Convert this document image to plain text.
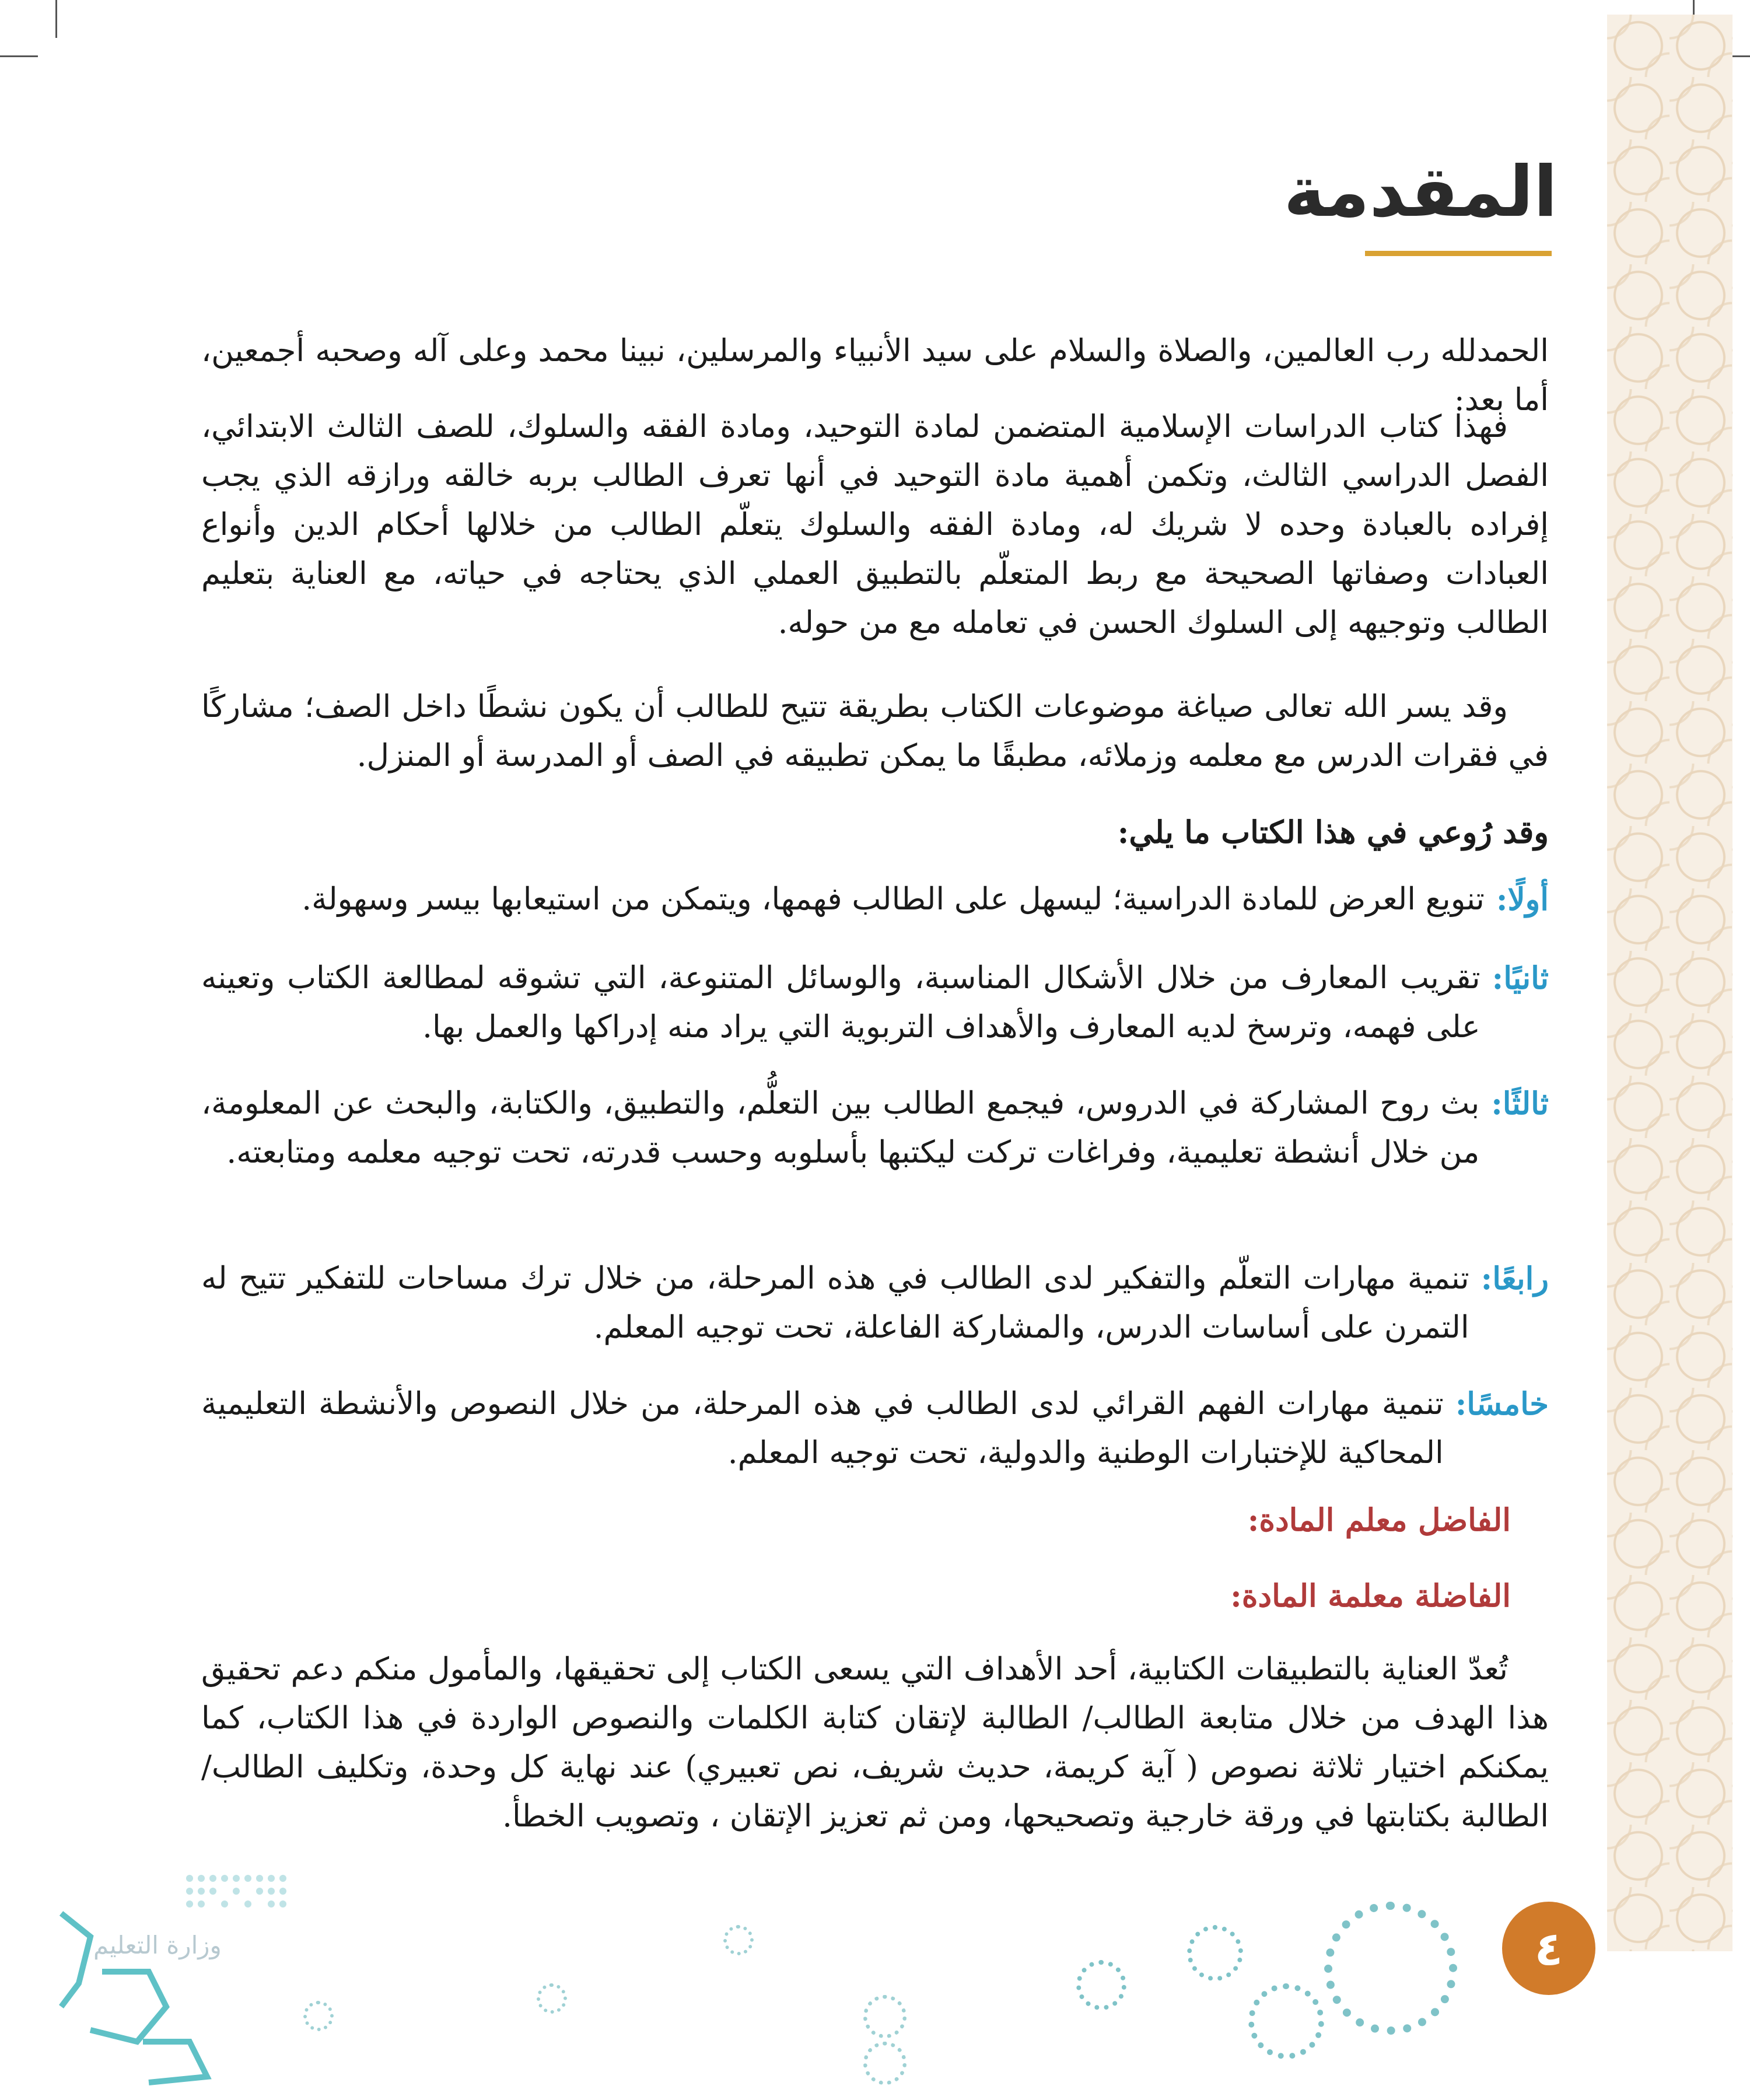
المقدمة

الحمدلله رب العالمين، والصلاة والسلام على سيد الأنبياء والمرسلين، نبينا محمد وعلى آله وصحبه أجمعين، أما بعد:

فهذا كتاب الدراسات الإسلامية المتضمن لمادة التوحيد، ومادة الفقه والسلوك، للصف الثالث الابتدائي، الفصل الدراسي الثالث، وتكمن أهمية مادة التوحيد في أنها تعرف الطالب بربه خالقه ورازقه الذي يجب إفراده بالعبادة وحده لا شريك له، ومادة الفقه والسلوك يتعلّم الطالب من خلالها أحكام الدين وأنواع العبادات وصفاتها الصحيحة مع ربط المتعلّم بالتطبيق العملي الذي يحتاجه في حياته، مع العناية بتعليم الطالب وتوجيهه إلى السلوك الحسن في تعامله مع من حوله.

وقد يسر الله تعالى صياغة موضوعات الكتاب بطريقة تتيح للطالب أن يكون نشطًا داخل الصف؛ مشاركًا في فقرات الدرس مع معلمه وزملائه، مطبقًا ما يمكن تطبيقه في الصف أو المدرسة أو المنزل.

وقد رُوعي في هذا الكتاب ما يلي:

أولًا:
تنويع العرض للمادة الدراسية؛ ليسهل على الطالب فهمها، ويتمكن من استيعابها بيسر وسهولة.
ثانيًا:
تقريب المعارف من خلال الأشكال المناسبة، والوسائل المتنوعة، التي تشوقه لمطالعة الكتاب وتعينه على فهمه، وترسخ لديه المعارف والأهداف التربوية التي يراد منه إدراكها والعمل بها.
ثالثًا:
بث روح المشاركة في الدروس، فيجمع الطالب بين التعلُّم، والتطبيق، والكتابة، والبحث عن المعلومة، من خلال أنشطة تعليمية، وفراغات تركت ليكتبها بأسلوبه وحسب قدرته، تحت توجيه معلمه ومتابعته.
رابعًا:
تنمية مهارات التعلّم والتفكير لدى الطالب في هذه المرحلة، من خلال ترك مساحات للتفكير تتيح له التمرن على أساسات الدرس، والمشاركة الفاعلة، تحت توجيه المعلم.
خامسًا:
تنمية مهارات الفهم القرائي لدى الطالب في هذه المرحلة، من خلال النصوص والأنشطة التعليمية المحاكية للإختبارات الوطنية والدولية، تحت توجيه المعلم.
الفاضل معلم المادة:
الفاضلة معلمة المادة:

تُعدّ العناية بالتطبيقات الكتابية، أحد الأهداف التي يسعى الكتاب إلى تحقيقها، والمأمول منكم دعم تحقيق هذا الهدف من خلال متابعة الطالب/ الطالبة لإتقان كتابة الكلمات والنصوص الواردة في هذا الكتاب، كما يمكنكم اختيار ثلاثة نصوص ( آية كريمة، حديث شريف، نص تعبيري) عند نهاية كل وحدة، وتكليف الطالب/ الطالبة بكتابتها في ورقة خارجية وتصحيحها، ومن ثم تعزيز الإتقان ، وتصويب الخطأ.

٤
وزارة التعليم
